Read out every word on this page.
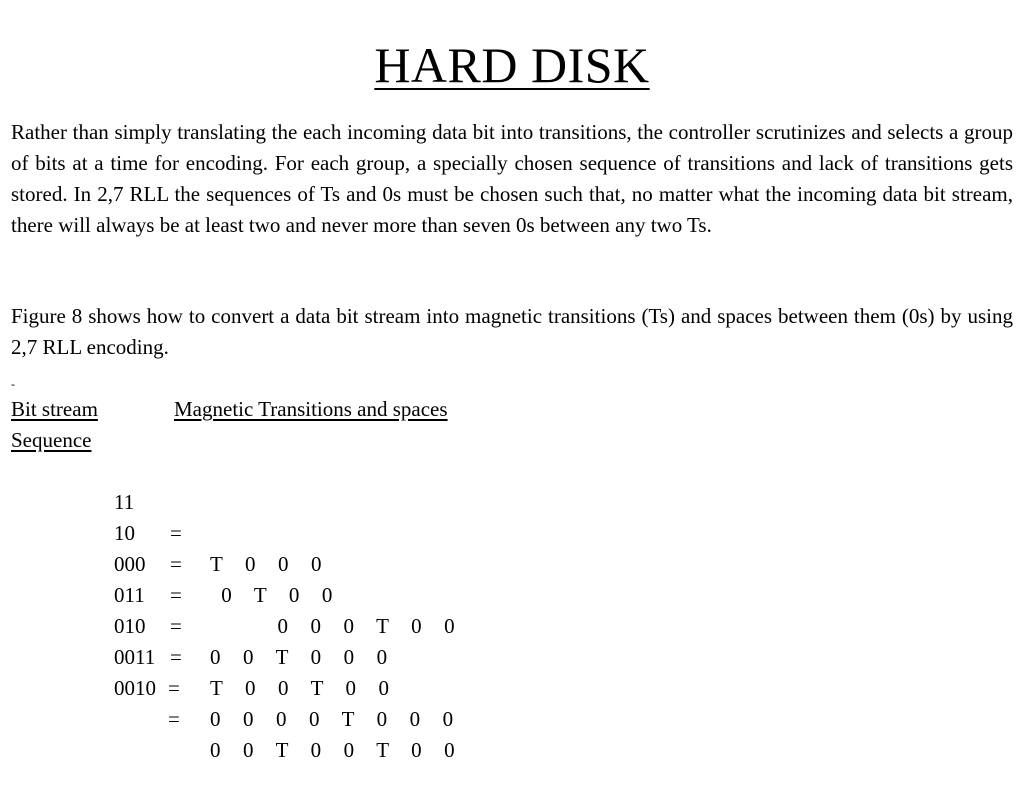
HARD DISK

Rather than simply translating the each incoming data bit into transitions, the controller scrutinizes and selects a group of bits at a time for encoding. For each group, a specially chosen sequence of transitions and lack of transitions gets stored. In 2,7 RLL the sequences of Ts and 0s must be chosen such that, no matter what the incoming data bit stream, there will always be at least two and never more than seven 0s between any two Ts.

Figure 8 shows how to convert a data bit stream into magnetic transitions (Ts) and spaces between them (0s) by using 2,7 RLL encoding.

-
Bit stream	Magnetic Transitions and spaces
Sequence

11

=

T  0  0  0

10

=

0  T  0  0

000

=

0  0  0  T  0  0

011

=

0  0  T  0  0  0

010

=

T  0  0  T  0  0

0011

=

0  0  0  0  T  0  0  0

0010

=

0  0  T  0  0  T  0  0
